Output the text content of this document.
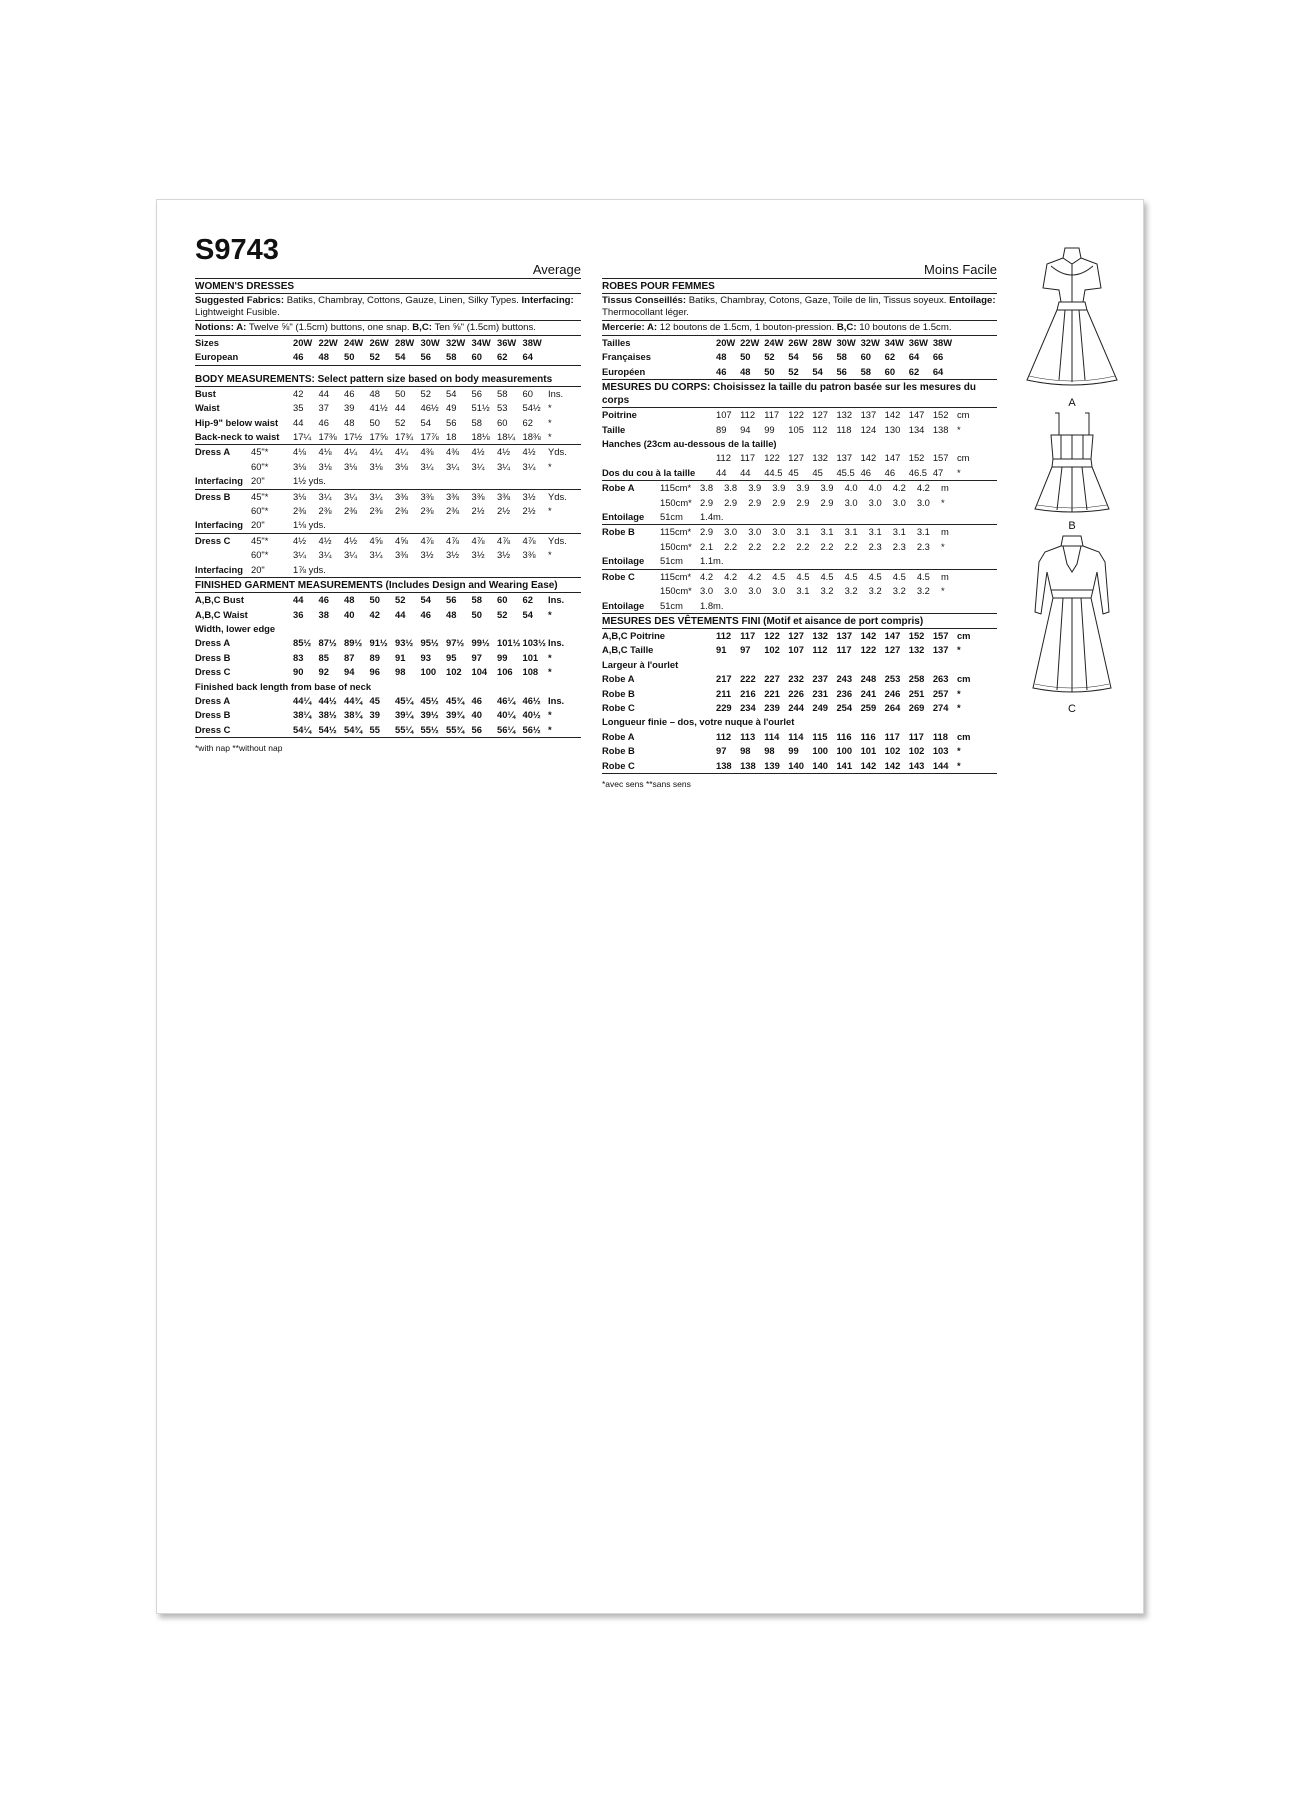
S9743
Average
WOMEN'S DRESSES
Suggested Fabrics: Batiks, Chambray, Cottons, Gauze, Linen, Silky Types. Interfacing: Lightweight Fusible.
Notions: A: Twelve ⅝" (1.5cm) buttons, one snap. B,C: Ten ⅝" (1.5cm) buttons.
Sizes	20W 22W 24W 26W 28W 30W 32W 34W 36W 38W
European	46	48	50	52	54	56	58	60	62	64
BODY MEASUREMENTS: Select pattern size based on body measurements
Bust	42	44	46	48	50	52	54	56	58	60	Ins.
Waist	35	37	39	41½ 44	46½ 49	51½ 53	54½ *
Hip-9" below waist	44	46	48	50	52	54	56	58	60	62	*
Back-neck to waist	17¼ 17⅜ 17½ 17⅝ 17¾ 17⅞ 18	18⅛ 18¼ 18⅜ *
Dress A	45"*	4⅛	4⅛	4¼	4¼	4¼	4⅜	4⅜	4½	4½	4½	Yds.
60"*	3⅛	3⅛	3⅛	3⅛	3⅛	3¼	3¼	3¼	3¼	3¼	*
Interfacing 20"	1½ yds.
Dress B	45"*	3⅛	3¼	3¼	3¼	3⅜	3⅜	3⅜	3⅜	3⅜	3½	Yds.
60"*	2⅜	2⅜	2⅜	2⅜	2⅜	2⅜	2⅜	2½	2½	2½	*
Interfacing 20"	1⅛ yds.
Dress C	45"*	4½	4½	4½	4⅝	4⅝	4⅞	4⅞	4⅞	4⅞	4⅞	Yds.
60"*	3¼	3¼	3¼	3¼	3⅜	3½	3½	3½	3½	3⅜	*
Interfacing 20"	1⅞ yds.
FINISHED GARMENT MEASUREMENTS (Includes Design and Wearing Ease)
A,B,C Bust	44	46	48	50	52	54	56	58	60	62	Ins.
A,B,C Waist	36	38	40	42	44	46	48	50	52	54	*
Width, lower edge
Dress A	85½ 87½ 89½ 91½ 93½ 95½ 97½ 99½ 101½ 103½ Ins.
Dress B	83	85	87	89	91	93	95	97	99	101	*
Dress C	90	92	94	96	98	100	102	104	106	108	*
Finished back length from base of neck
Dress A	44¼ 44½ 44¾ 45	45¼ 45½ 45¾ 46	46¼ 46½ Ins.
Dress B	38¼ 38½ 38¾ 39	39¼ 39½ 39¾ 40	40¼ 40½ *
Dress C	54¼ 54½ 54¾ 55	55¼ 55½ 55¾ 56	56¼ 56½ *
*with nap **without nap
Moins Facile
ROBES POUR FEMMES
Tissus Conseillés: Batiks, Chambray, Cotons, Gaze, Toile de lin, Tissus soyeux. Entoilage: Thermocollant léger.
Mercerie: A: 12 boutons de 1.5cm, 1 bouton-pression. B,C: 10 boutons de 1.5cm.
Tailles	20W 22W 24W 26W 28W 30W 32W 34W 36W 38W
Françaises	48	50	52	54	56	58	60	62	64	66
Européen	46	48	50	52	54	56	58	60	62	64
MESURES DU CORPS: Choisissez la taille du patron basée sur les mesures du corps
Poitrine	107 112 117 122 127 132 137 142 147 152 cm
Taille	89	94	99	105 112 118 124 130 134 138 *
Hanches (23cm au-dessous de la taille)
112 117 122 127 132 137 142 147 152 157 cm
Dos du cou à la taille	44	44	44.5 45	45	45.5 46	46	46.5 47	*
Robe A	115cm* 3.8	3.8	3.9	3.9	3.9	3.9	4.0	4.0	4.2	4.2	m
150cm* 2.9	2.9	2.9	2.9	2.9	2.9	3.0	3.0	3.0	3.0	*
Entoilage	51cm	1.4m.
Robe B	115cm* 2.9	3.0	3.0	3.0	3.1	3.1	3.1	3.1	3.1	3.1	m
150cm* 2.1	2.2	2.2	2.2	2.2	2.2	2.2	2.3	2.3	2.3	*
Entoilage	51cm	1.1m.
Robe C	115cm* 4.2	4.2	4.2	4.5	4.5	4.5	4.5	4.5	4.5	4.5	m
150cm* 3.0	3.0	3.0	3.0	3.1	3.2	3.2	3.2	3.2	3.2	*
Entoilage	51cm	1.8m.
MESURES DES VÊTEMENTS FINI (Motif et aisance de port compris)
A,B,C Poitrine	112 117 122 127 132 137 142 147 152 157 cm
A,B,C Taille	91	97	102 107 112 117 122 127 132 137 *
Largeur à l'ourlet
Robe A	217 222 227 232 237 243 248 253 258 263 cm
Robe B	211 216 221 226 231 236 241 246 251 257 *
Robe C	229 234 239 244 249 254 259 264 269 274 *
Longueur finie – dos, votre nuque à l'ourlet
Robe A	112 113 114 114 115 116 116 117 117 118 cm
Robe B	97	98	98	99	100 100 101 102 102 103 *
Robe C	138 138 139 140 140 141 142 142 143 144 *
*avec sens **sans sens
A
B
C
